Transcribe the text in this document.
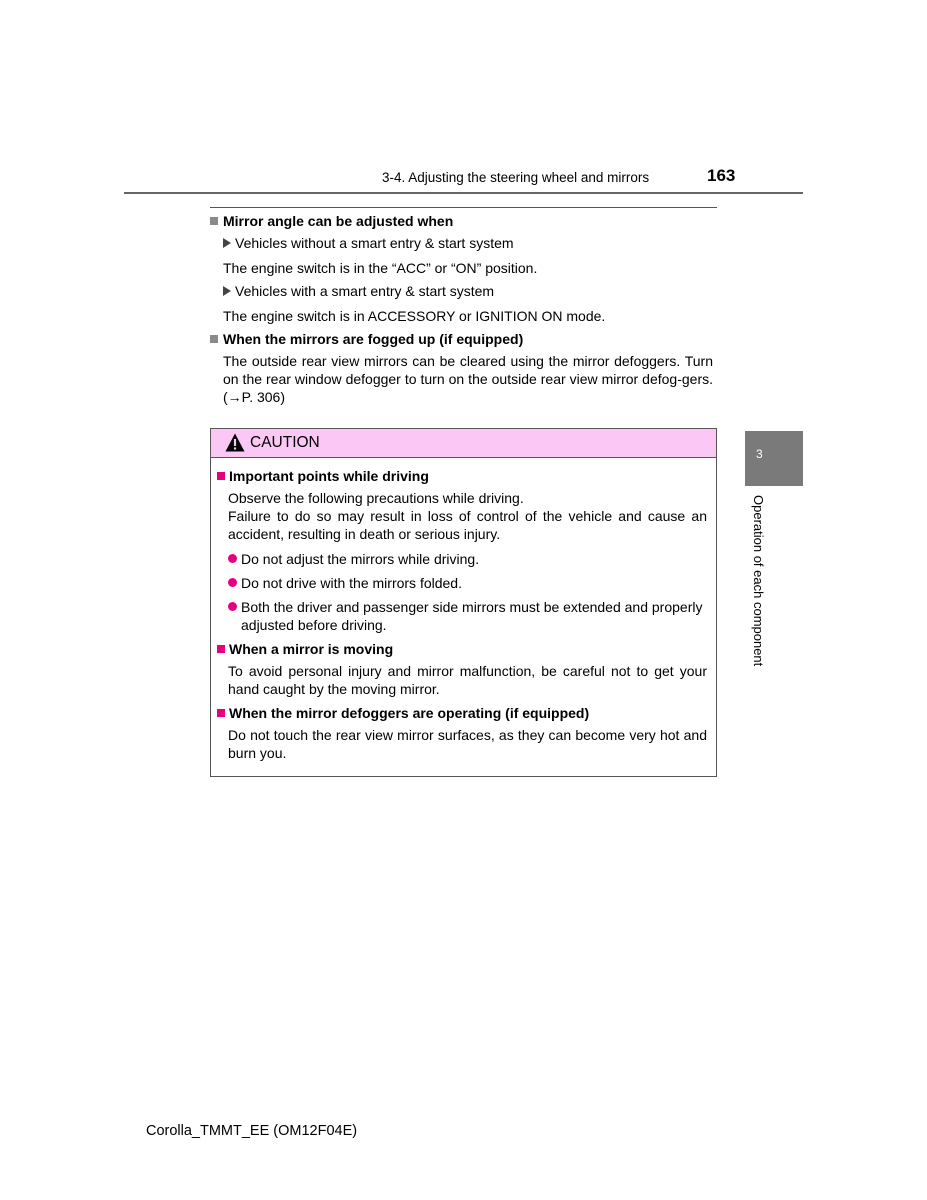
3-4. Adjusting the steering wheel and mirrors	163
Mirror angle can be adjusted when
Vehicles without a smart entry & start system
The engine switch is in the “ACC” or “ON” position.
Vehicles with a smart entry & start system
The engine switch is in ACCESSORY or IGNITION ON mode.
When the mirrors are fogged up (if equipped)
The outside rear view mirrors can be cleared using the mirror defoggers. Turn on the rear window defogger to turn on the outside rear view mirror defog-gers. (→P. 306)
CAUTION
Important points while driving
Observe the following precautions while driving.
Failure to do so may result in loss of control of the vehicle and cause an accident, resulting in death or serious injury.
Do not adjust the mirrors while driving.
Do not drive with the mirrors folded.
Both the driver and passenger side mirrors must be extended and properly adjusted before driving.
When a mirror is moving
To avoid personal injury and mirror malfunction, be careful not to get your hand caught by the moving mirror.
When the mirror defoggers are operating (if equipped)
Do not touch the rear view mirror surfaces, as they can become very hot and burn you.
3
Operation of each component
Corolla_TMMT_EE (OM12F04E)
